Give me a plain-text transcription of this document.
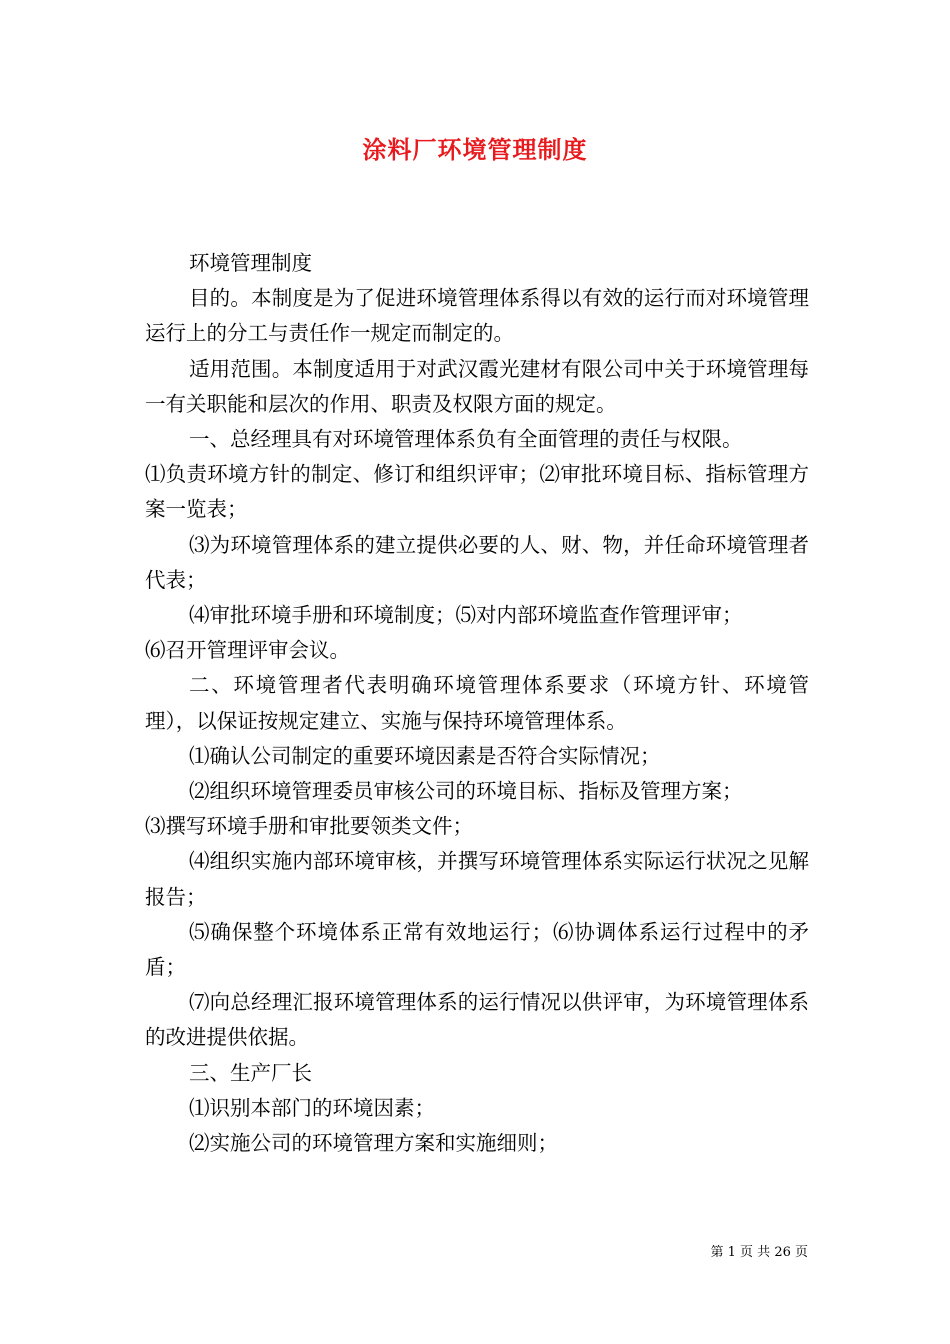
涂料厂环境管理制度

环境管理制度

目的。本制度是为了促进环境管理体系得以有效的运行而对环境管理运行上的分工与责任作一规定而制定的。

适用范围。本制度适用于对武汉霞光建材有限公司中关于环境管理每一有关职能和层次的作用、职责及权限方面的规定。

一、总经理具有对环境管理体系负有全面管理的责任与权限。

⑴负责环境方针的制定、修订和组织评审；⑵审批环境目标、指标管理方案一览表；

⑶为环境管理体系的建立提供必要的人、财、物，并任命环境管理者代表；

⑷审批环境手册和环境制度；⑸对内部环境监查作管理评审；

⑹召开管理评审会议。

二、环境管理者代表明确环境管理体系要求（环境方针、环境管理），以保证按规定建立、实施与保持环境管理体系。

⑴确认公司制定的重要环境因素是否符合实际情况；

⑵组织环境管理委员审核公司的环境目标、指标及管理方案；

⑶撰写环境手册和审批要领类文件；

⑷组织实施内部环境审核，并撰写环境管理体系实际运行状况之见解报告；

⑸确保整个环境体系正常有效地运行；⑹协调体系运行过程中的矛盾；

⑺向总经理汇报环境管理体系的运行情况以供评审，为环境管理体系的改进提供依据。

三、生产厂长

⑴识别本部门的环境因素；

⑵实施公司的环境管理方案和实施细则；

第 1 页 共 26 页
